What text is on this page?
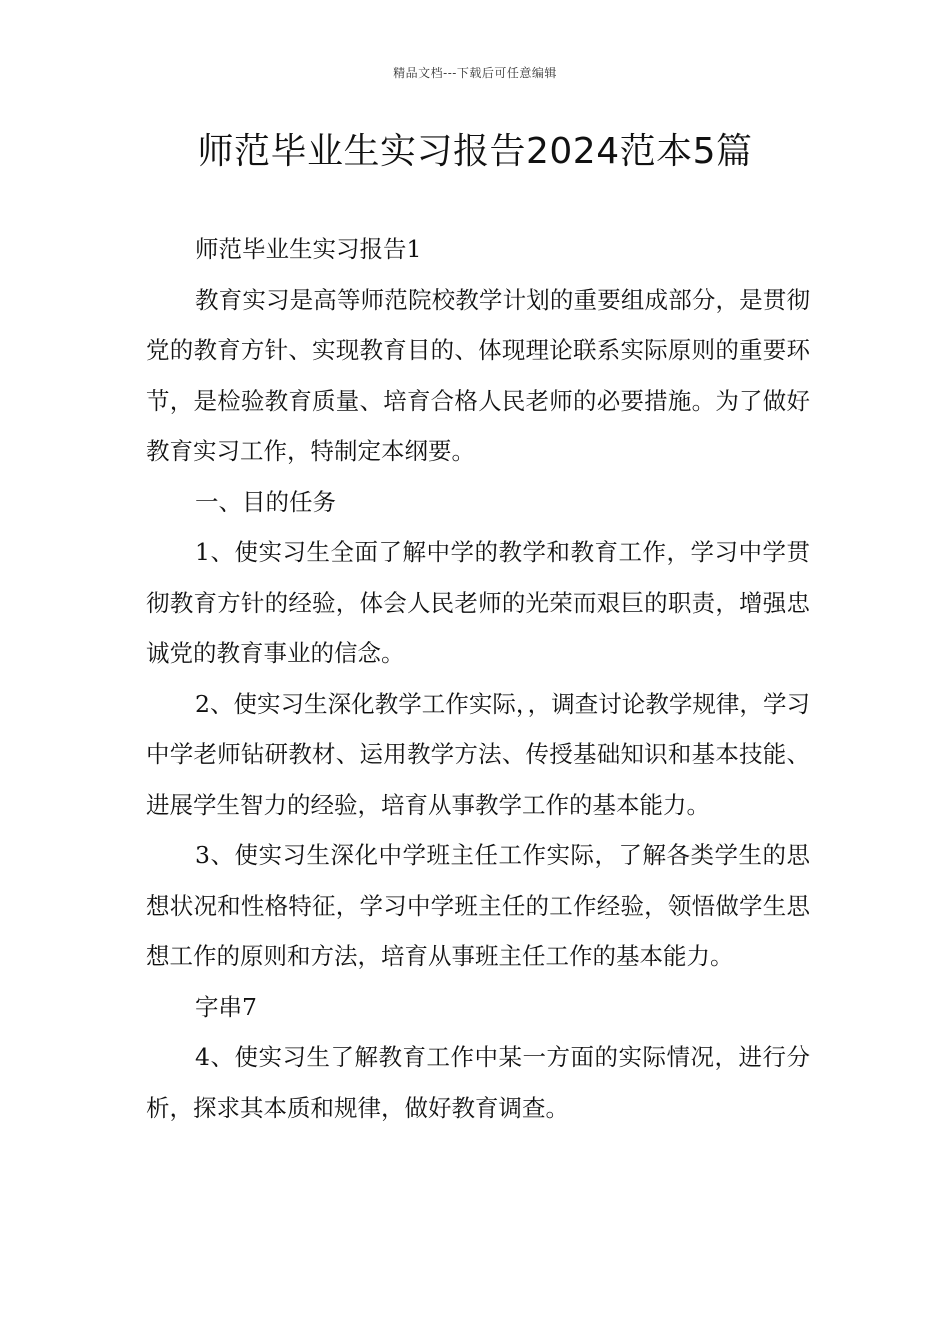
精品文档---下载后可任意编辑
师范毕业生实习报告2024范本5篇

师范毕业生实习报告1

教育实习是高等师范院校教学计划的重要组成部分，是贯彻党的教育方针、实现教育目的、体现理论联系实际原则的重要环节，是检验教育质量、培育合格人民老师的必要措施。为了做好教育实习工作，特制定本纲要。

一、目的任务

1、使实习生全面了解中学的教学和教育工作，学习中学贯彻教育方针的经验，体会人民老师的光荣而艰巨的职责，增强忠诚党的教育事业的信念。

2、使实习生深化教学工作实际，，调查讨论教学规律，学习中学老师钻研教材、运用教学方法、传授基础知识和基本技能、进展学生智力的经验，培育从事教学工作的基本能力。

3、使实习生深化中学班主任工作实际，了解各类学生的思想状况和性格特征，学习中学班主任的工作经验，领悟做学生思想工作的原则和方法，培育从事班主任工作的基本能力。

字串7

4、使实习生了解教育工作中某一方面的实际情况，进行分析，探求其本质和规律，做好教育调查。
